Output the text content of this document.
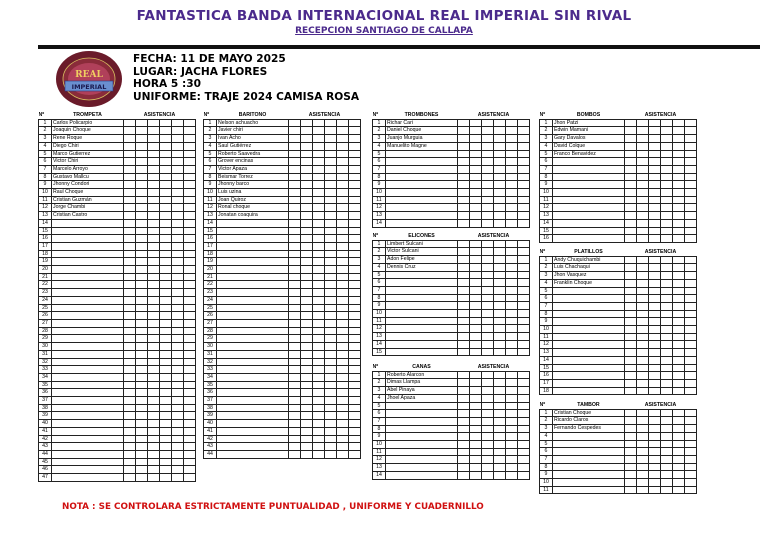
FANTASTICA BANDA INTERNACIONAL REAL IMPERIAL SIN RIVAL
RECEPCION SANTIAGO DE CALLAPA
REAL
IMPERIAL
FECHA: 11 DE MAYO 2025
LUGAR: JACHA FLORES
HORA 5 :30
UNIFORME: TRAJE 2024 CAMISA ROSA
Nº	TROMPETA	ASISTENCIA					
1	Carlos Policarpio						
2	Joaquin Choque						
3	Rene Roque						
4	Diego Chiri						
5	Marco Gutierrez						
6	Victor Chiri						
7	Marcelo Arroyo						
8	Gustavo Mallcu						
9	Jhonny Condori						
10	Raul Choque						
11	Cristian Guzmán						
12	Jorge Chambi						
13	Cristian Castro						
14							
15							
16							
17							
18							
19							
20							
21							
22							
23							
24							
25							
26							
27							
28							
29							
30							
31							
32							
33							
34							
35							
36							
37							
38							
39							
40							
41							
42							
43							
44							
45							
46							
47							
Nº	BARITONO	ASISTENCIA					
1	Nelson achuacho						
2	Javier chiri						
3	Ivan Acho						
4	Saul Gutiérrez						
5	Roberto Saavedra						
6	Grover encinas						
7	Victor Apaza						
8	Beismar Torrez						
9	Jhonny barco						
10	Luis uzina						
11	Joan Quiroz						
12	Ronal choque						
13	Jonatan coaquira						
14							
15							
16							
17							
18							
19							
20							
21							
22							
23							
24							
25							
26							
27							
28							
29							
30							
31							
32							
33							
34							
35							
36							
37							
38							
39							
40							
41							
42							
43							
44							
Nº	TROMBONES	ASISTENCIA					
1	Richar Cari						
2	Daniel Choque						
3	Juanjo Murguia						
4	Manuelito Magne						
5							
6							
7							
8							
9							
10							
11							
12							
13							
14							
Nº	ELICONES	ASISTENCIA					
1	Limbert Sulcani						
2	Victor Sulcani						
3	Adon Felipe						
4	Dennis Cruz						
5							
6							
7							
8							
9							
10							
11							
12							
13							
14							
15							
Nº	CAÑAS	ASISTENCIA					
1	Roberto Alarcon						
2	Dimas Llampa						
3	Abel Pinaya						
4	Jhoel Apaza						
5							
6							
7							
8							
9							
10							
11							
12							
13							
14							
Nº	BOMBOS	ASISTENCIA					
1	Jhon Patzi						
2	Edwin Mamani						
3	Gary Davalos						
4	David Colque						
5	Franco Benavidez						
6							
7							
8							
9							
10							
11							
12							
13							
14							
15							
16							
Nº	PLATILLOS	ASISTENCIA					
1	Andy Chuquichambi						
2	Luis Chachaqui						
3	Jhon Vasquez						
4	Franklin Choque						
5							
6							
7							
8							
9							
10							
11							
12							
13							
14							
15							
16							
17							
18							
Nº	TAMBOR	ASISTENCIA					
1	Cristian Choque						
2	Ricardo Claros						
3	Fernando Cespedes						
4							
5							
6							
7							
8							
9							
10							
11							
NOTA : SE CONTROLARA ESTRICTAMENTE PUNTUALIDAD , UNIFORME Y CUADERNILLO
